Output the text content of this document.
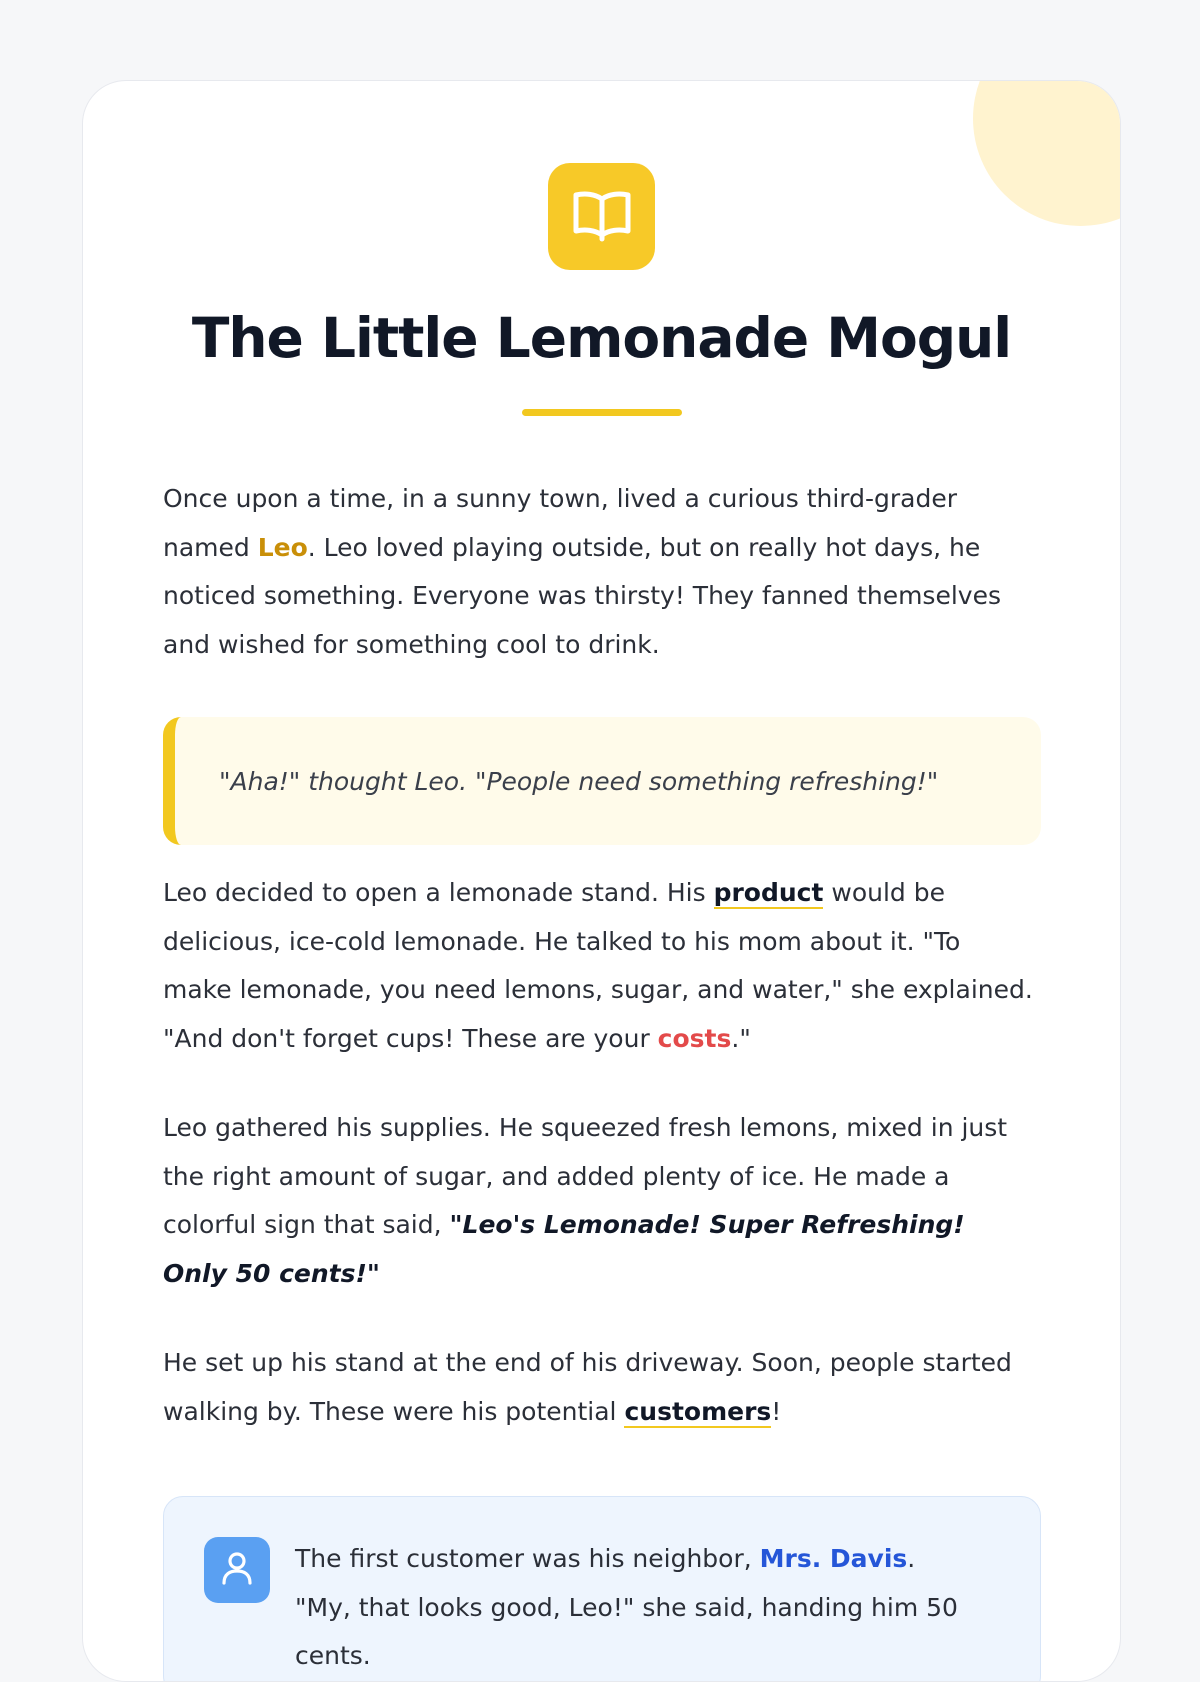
The Little Lemonade Mogul

Once upon a time, in a sunny town, lived a curious third-grader named Leo. Leo loved playing outside, but on really hot days, he noticed something. Everyone was thirsty! They fanned themselves and wished for something cool to drink.

"Aha!" thought Leo. "People need something refreshing!"

Leo decided to open a lemonade stand. His product would be delicious, ice-cold lemonade. He talked to his mom about it. "To make lemonade, you need lemons, sugar, and water," she explained. "And don't forget cups! These are your costs."

Leo gathered his supplies. He squeezed fresh lemons, mixed in just the right amount of sugar, and added plenty of ice. He made a colorful sign that said, "Leo's Lemonade! Super Refreshing! Only 50 cents!"

He set up his stand at the end of his driveway. Soon, people started walking by. These were his potential customers!

The first customer was his neighbor, Mrs. Davis.
"My, that looks good, Leo!" she said, handing him 50 cents.
